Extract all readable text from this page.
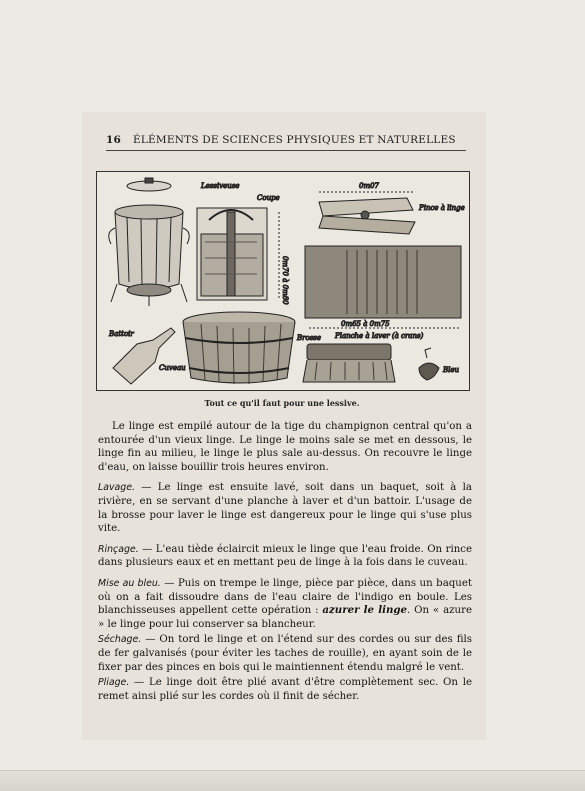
16 ÉLÉMENTS DE SCIENCES PHYSIQUES ET NATURELLES
Lessiveuse
Coupe
0m70 à 0m80
0m07
Pince à linge
0m65 à 0m75
Planche à laver (à crans)
Battoir
Cuveau
Brosse
Bleu
Tout ce qu'il faut pour une lessive.

Le linge est empilé autour de la tige du champignon central qu'on a entourée d'un vieux linge. Le linge le moins sale se met en dessous, le linge fin au milieu, le linge le plus sale au-dessus. On recouvre le linge d'eau, on laisse bouillir trois heures environ.

Lavage. — Le linge est ensuite lavé, soit dans un baquet, soit à la rivière, en se servant d'une planche à laver et d'un battoir. L'usage de la brosse pour laver le linge est dangereux pour le linge qui s'use plus vite.

Rinçage. — L'eau tiède éclaircit mieux le linge que l'eau froide. On rince dans plusieurs eaux et en mettant peu de linge à la fois dans le cuveau.

Mise au bleu. — Puis on trempe le linge, pièce par pièce, dans un baquet où on a fait dissoudre dans de l'eau claire de l'indigo en boule. Les blanchisseuses appellent cette opération : azurer le linge. On « azure » le linge pour lui conserver sa blancheur.

Séchage. — On tord le linge et on l'étend sur des cordes ou sur des fils de fer galvanisés (pour éviter les taches de rouille), en ayant soin de le fixer par des pinces en bois qui le maintiennent étendu malgré le vent.

Pliage. — Le linge doit être plié avant d'être complètement sec. On le remet ainsi plié sur les cordes où il finit de sécher.
